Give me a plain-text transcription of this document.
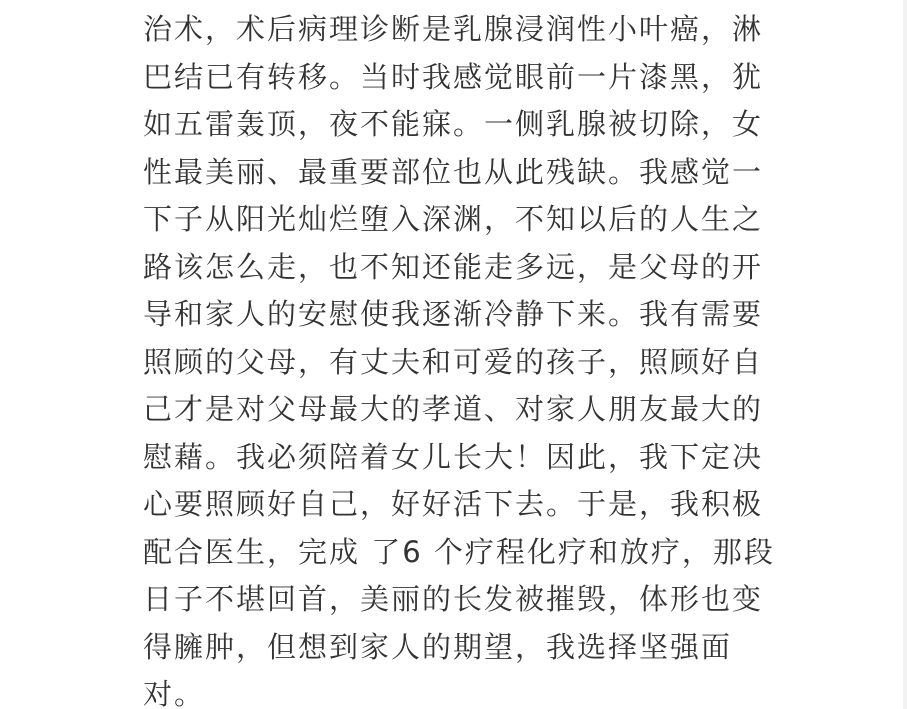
治术，术后病理诊断是乳腺浸润性小叶癌，淋
巴结已有转移。当时我感觉眼前一片漆黑，犹
如五雷轰顶，夜不能寐。一侧乳腺被切除，女
性最美丽、最重要部位也从此残缺。我感觉一
下子从阳光灿烂堕入深渊，不知以后的人生之
路该怎么走，也不知还能走多远，是父母的开
导和家人的安慰使我逐渐冷静下来。我有需要
照顾的父母，有丈夫和可爱的孩子，照顾好自
己才是对父母最大的孝道、对家人朋友最大的
慰藉。我必须陪着女儿长大！因此，我下定决
心要照顾好自己，好好活下去。于是，我积极
配合医生，完成 了6 个疗程化疗和放疗，那段
日子不堪回首，美丽的长发被摧毁，体形也变
得臃肿，但想到家人的期望，我选择坚强面
对。
